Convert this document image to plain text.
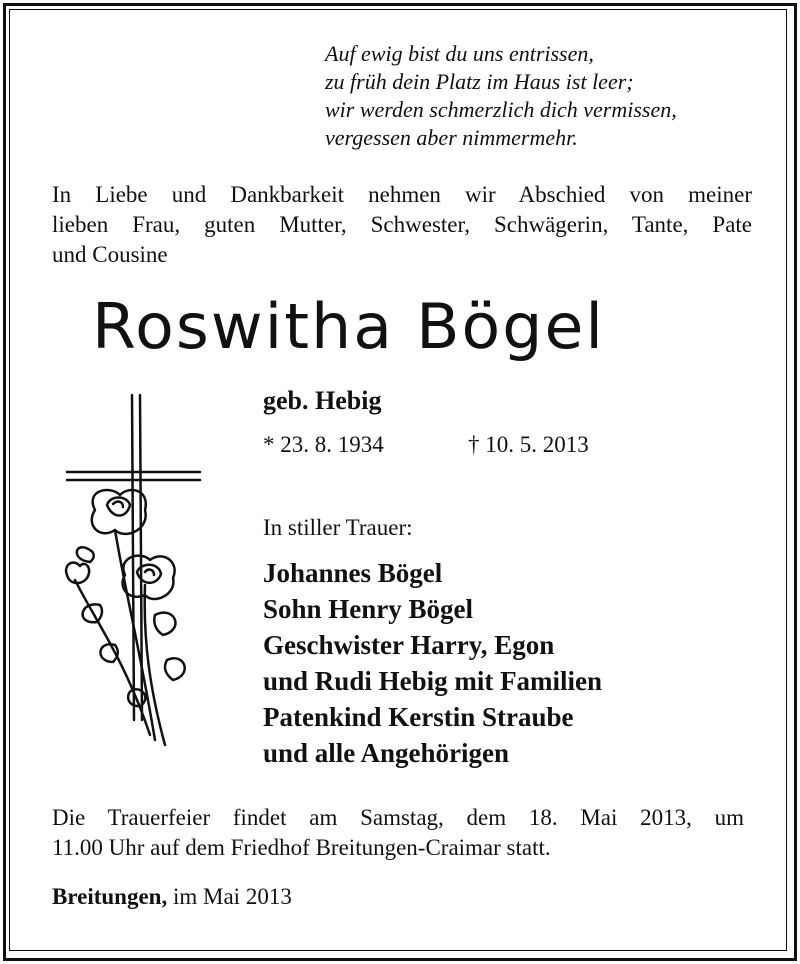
Auf ewig bist du uns entrissen,
zu früh dein Platz im Haus ist leer;
wir werden schmerzlich dich vermissen,
vergessen aber nimmermehr.
In Liebe und Dankbarkeit nehmen wir Abschied von meiner
lieben Frau, guten Mutter, Schwester, Schwägerin, Tante, Pate
und Cousine
Roswitha Bögel
geb. Hebig
* 23. 8. 1934	† 10. 5. 2013
In stiller Trauer:
Johannes Bögel
Sohn Henry Bögel
Geschwister Harry, Egon
und Rudi Hebig mit Familien
Patenkind Kerstin Straube
und alle Angehörigen
Die Trauerfeier findet am Samstag, dem 18. Mai 2013, um
11.00 Uhr auf dem Friedhof Breitungen-Craimar statt.
Breitungen, im Mai 2013
